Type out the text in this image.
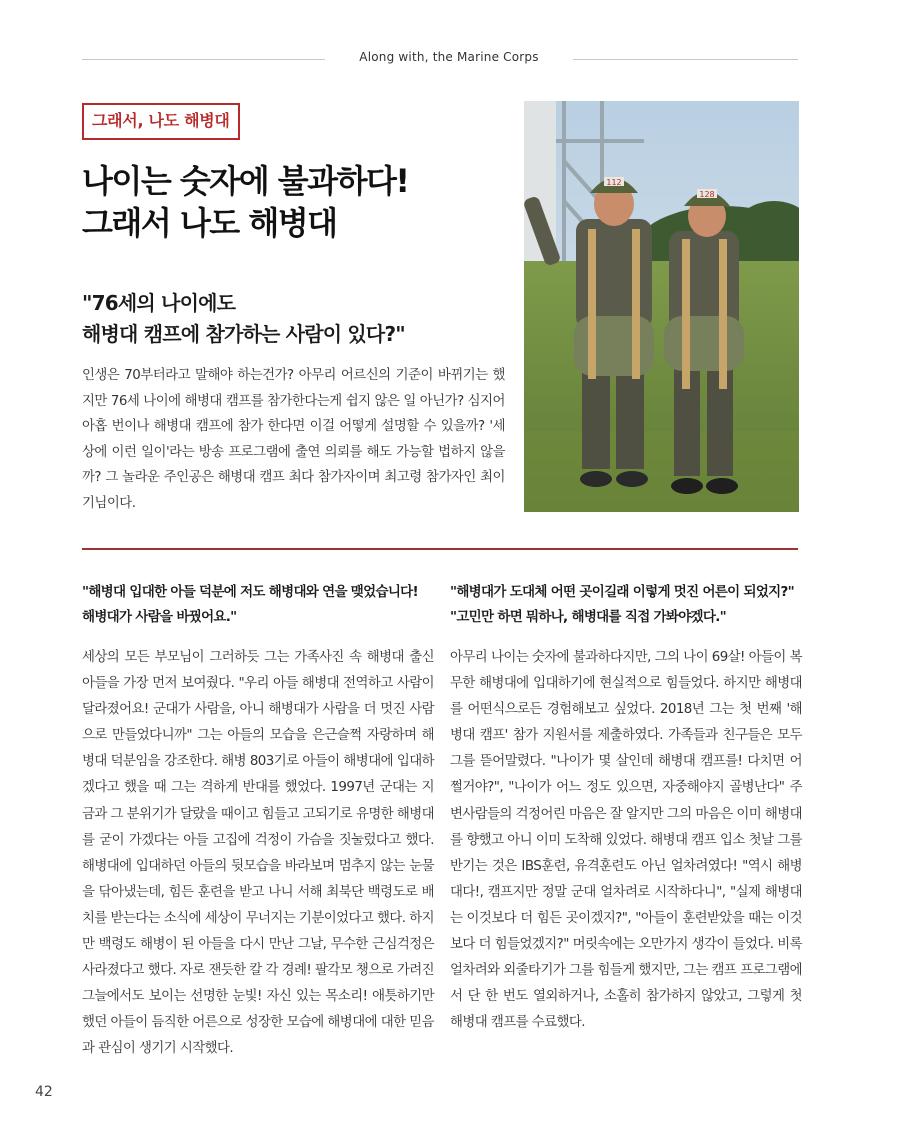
Along with, the Marine Corps
그래서, 나도 해병대
나이는 숫자에 불과하다!
그래서 나도 해병대
"76세의 나이에도
해병대 캠프에 참가하는 사람이 있다?"

인생은 70부터라고 말해야 하는건가? 아무리 어르신의 기준이 바뀌기는 했지만 76세 나이에 해병대 캠프를 참가한다는게 쉽지 않은 일 아닌가? 심지어 아홉 번이나 해병대 캠프에 참가 한다면 이걸 어떻게 설명할 수 있을까? '세상에 이런 일이'라는 방송 프로그램에 출연 의뢰를 해도 가능할 법하지 않을까? 그 놀라운 주인공은 해병대 캠프 최다 참가자이며 최고령 참가자인 최이기님이다.

112
128
"해병대 입대한 아들 덕분에 저도 해병대와 연을 맺었습니다!
해병대가 사람을 바꿨어요."

세상의 모든 부모님이 그러하듯 그는 가족사진 속 해병대 출신 아들을 가장 먼저 보여줬다. "우리 아들 해병대 전역하고 사람이 달라졌어요! 군대가 사람을, 아니 해병대가 사람을 더 멋진 사람으로 만들었다니까" 그는 아들의 모습을 은근슬쩍 자랑하며 해병대 덕분임을 강조한다. 해병 803기로 아들이 해병대에 입대하겠다고 했을 때 그는 격하게 반대를 했었다. 1997년 군대는 지금과 그 분위기가 달랐을 때이고 힘들고 고되기로 유명한 해병대를 굳이 가겠다는 아들 고집에 걱정이 가슴을 짓눌렀다고 했다. 해병대에 입대하던 아들의 뒷모습을 바라보며 멈추지 않는 눈물을 닦아냈는데, 힘든 훈련을 받고 나니 서해 최북단 백령도로 배치를 받는다는 소식에 세상이 무너지는 기분이었다고 했다. 하지만 백령도 해병이 된 아들을 다시 만난 그날, 무수한 근심걱정은 사라졌다고 했다. 자로 잰듯한 칼 각 경례! 팔각모 챙으로 가려진 그늘에서도 보이는 선명한 눈빛! 자신 있는 목소리! 애틋하기만 했던 아들이 듬직한 어른으로 성장한 모습에 해병대에 대한 믿음과 관심이 생기기 시작했다.

"해병대가 도대체 어떤 곳이길래 이렇게 멋진 어른이 되었지?"
"고민만 하면 뭐하나, 해병대를 직접 가봐야겠다."

아무리 나이는 숫자에 불과하다지만, 그의 나이 69살! 아들이 복무한 해병대에 입대하기에 현실적으로 힘들었다. 하지만 해병대를 어떤식으로든 경험해보고 싶었다. 2018년 그는 첫 번째 '해병대 캠프' 참가 지원서를 제출하였다. 가족들과 친구들은 모두 그를 뜯어말렸다. "나이가 몇 살인데 해병대 캠프를! 다치면 어쩔거야?", "나이가 어느 정도 있으면, 자중해야지 골병난다" 주변사람들의 걱정어린 마음은 잘 알지만 그의 마음은 이미 해병대를 향했고 아니 이미 도착해 있었다. 해병대 캠프 입소 첫날 그를 반기는 것은 IBS훈련, 유격훈련도 아닌 얼차려였다! "역시 해병대다!, 캠프지만 정말 군대 얼차려로 시작하다니", "실제 해병대는 이것보다 더 힘든 곳이겠지?", "아들이 훈련받았을 때는 이것보다 더 힘들었겠지?" 머릿속에는 오만가지 생각이 들었다. 비록 얼차려와 외줄타기가 그를 힘들게 했지만, 그는 캠프 프로그램에서 단 한 번도 열외하거나, 소홀히 참가하지 않았고, 그렇게 첫 해병대 캠프를 수료했다.

42
